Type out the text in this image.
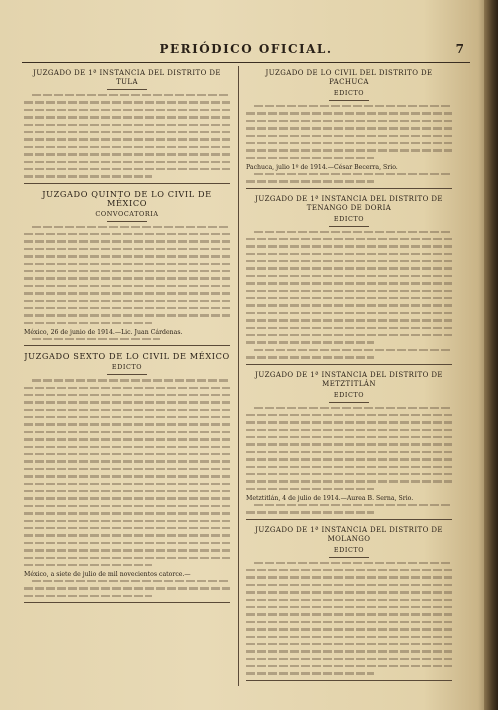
PERIÓDICO OFICIAL.	7
JUZGADO DE 1ª INSTANCIA DEL DISTRITO DE TULA
JUZGADO QUINTO DE LO CIVIL DE MÉXICO
CONVOCATORIA
México, 26 de junio de 1914.—Lic. Juan Cárdenas.
JUZGADO SEXTO DE LO CIVIL DE MÉXICO
EDICTO
México, a siete de julio de mil novecientos catorce.—
JUZGADO DE LO CIVIL DEL DISTRITO DE PACHUCA
EDICTO
Pachuca, julio 1º de 1914.—César Becerra, Srio.
JUZGADO DE 1ª INSTANCIA DEL DISTRITO DE TENANGO DE DORIA
EDICTO
JUZGADO DE 1ª INSTANCIA DEL DISTRITO DE METZTITLÁN
EDICTO
Metztitlán, 4 de julio de 1914.—Aurea B. Serna, Srio.
JUZGADO DE 1ª INSTANCIA DEL DISTRITO DE MOLANGO
EDICTO
